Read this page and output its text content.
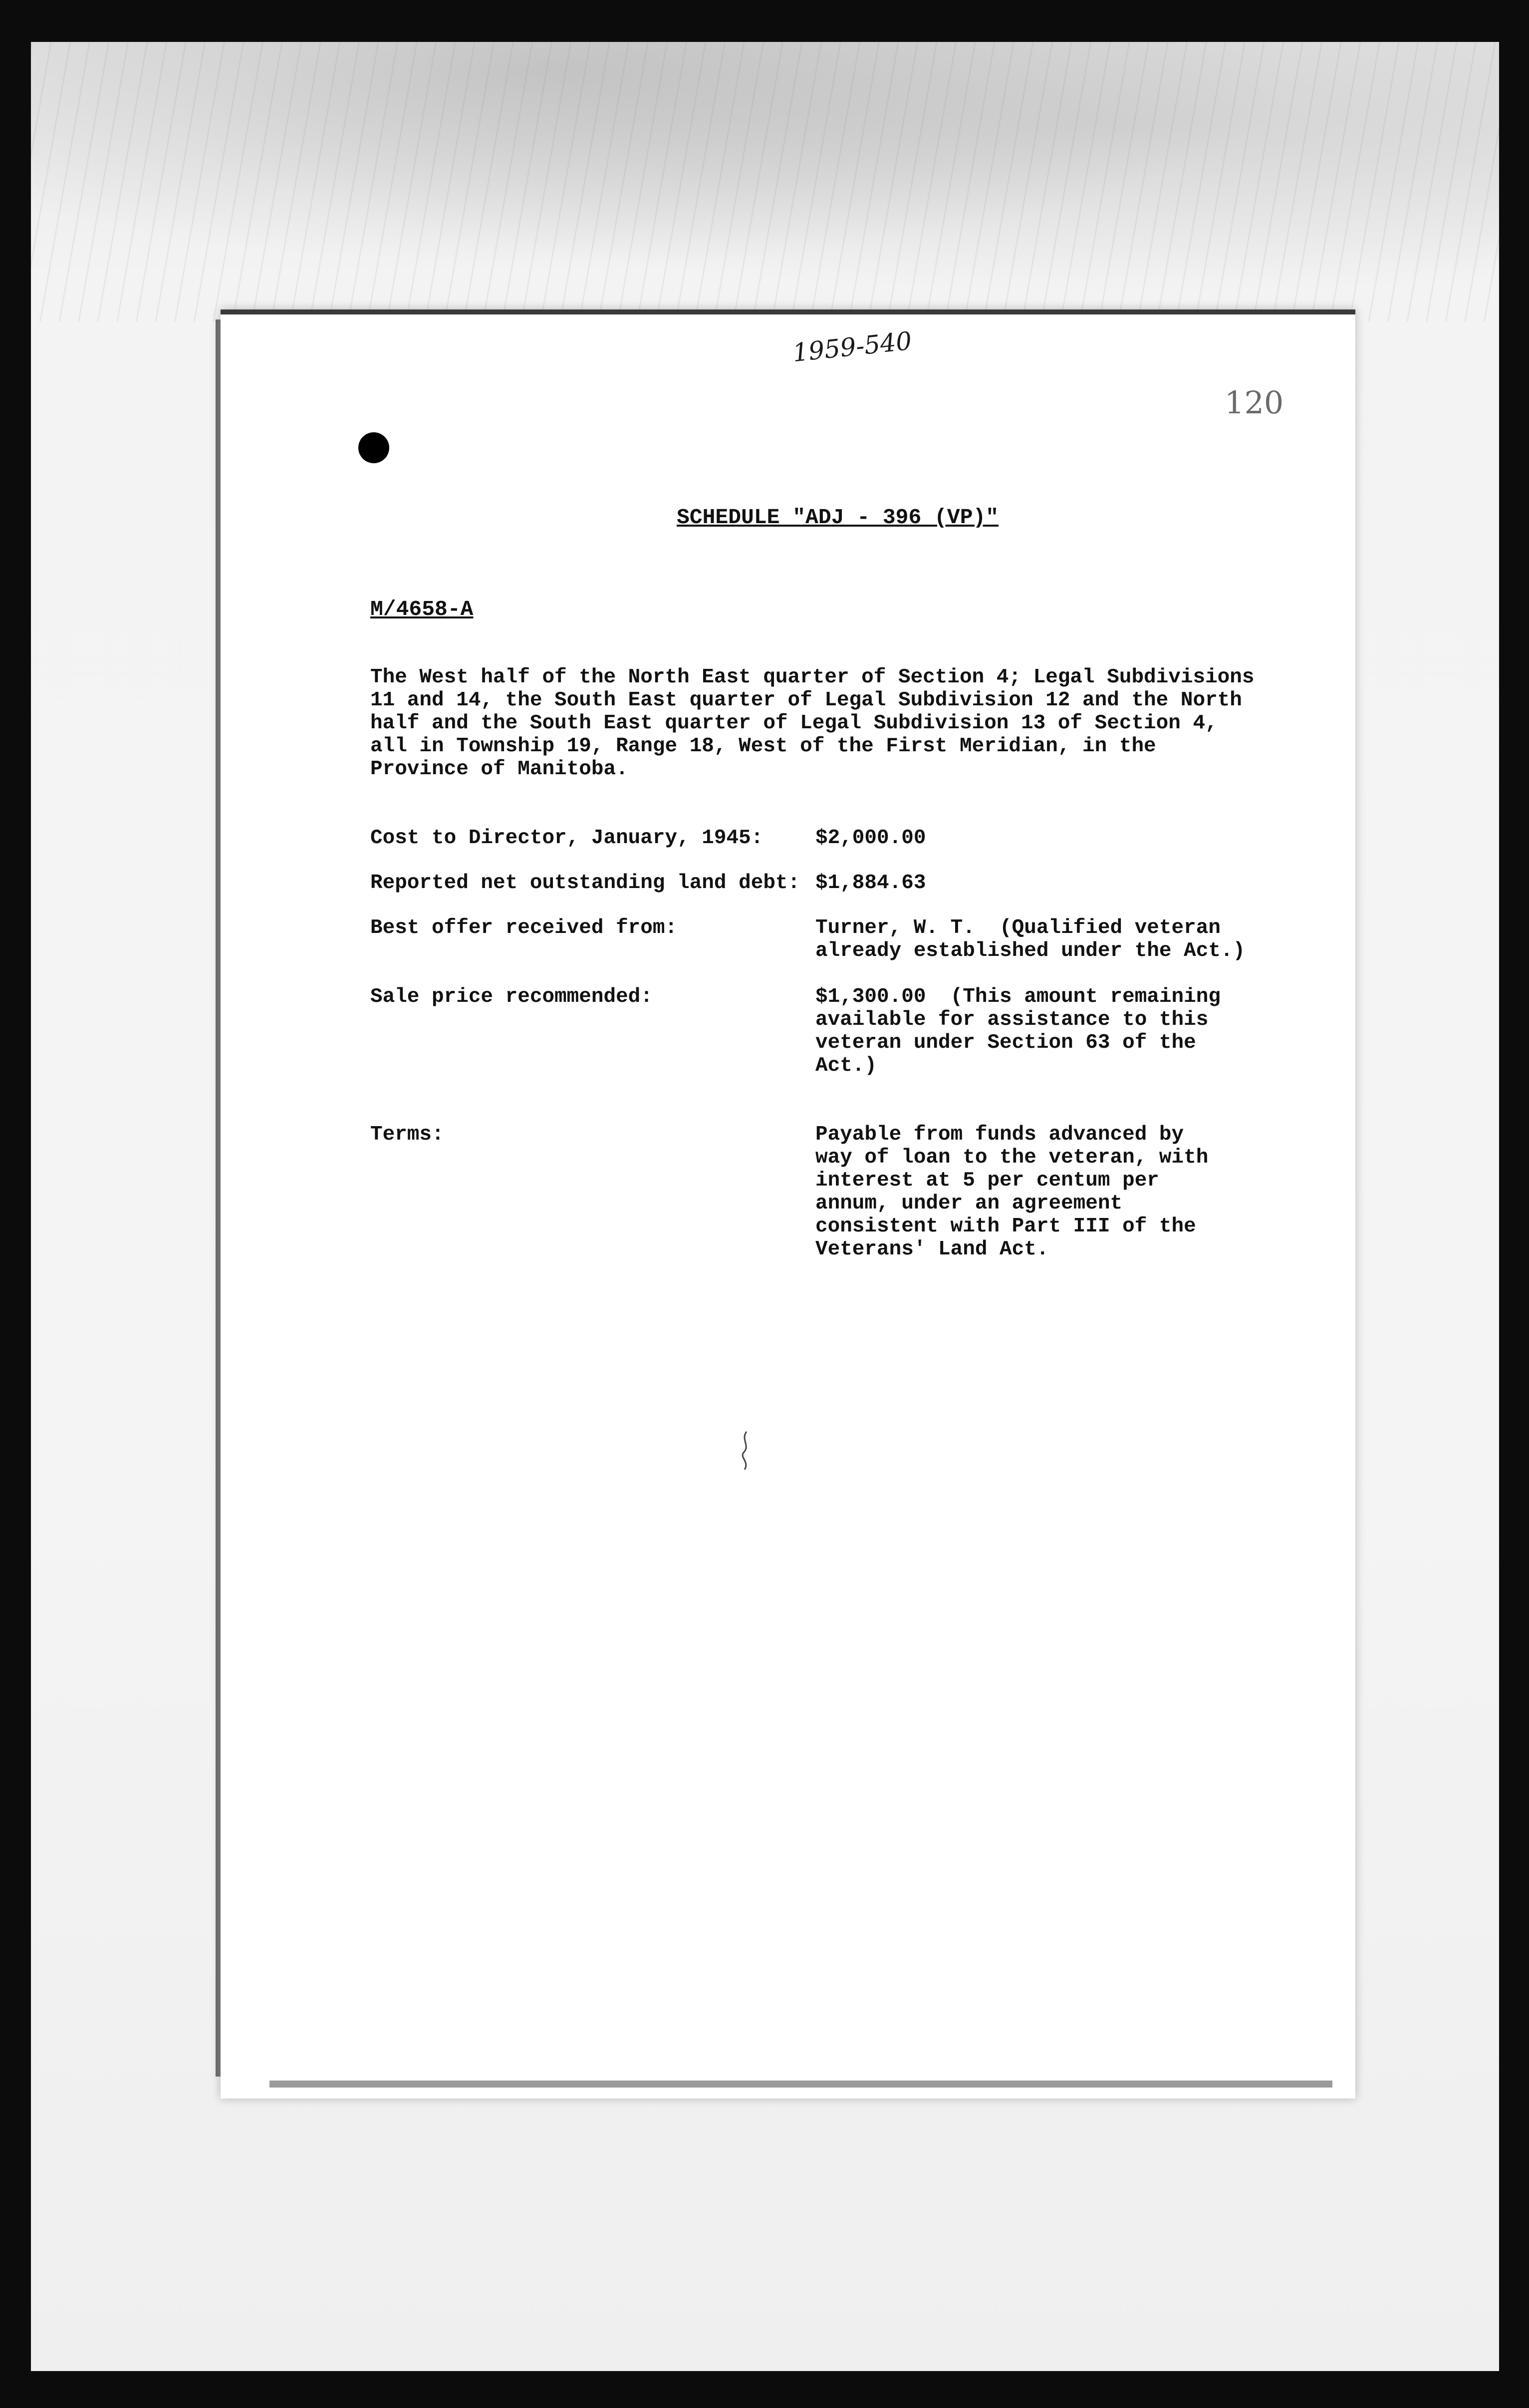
1959-540
120
SCHEDULE "ADJ - 396 (VP)"
M/4658-A
The West half of the North East quarter of Section 4; Legal Subdivisions
11 and 14, the South East quarter of Legal Subdivision 12 and the North
half and the South East quarter of Legal Subdivision 13 of Section 4,
all in Township 19, Range 18, West of the First Meridian, in the
Province of Manitoba.
Cost to Director, January, 1945:	$2,000.00
Reported net outstanding land debt: $1,884.63
Best offer received from:	Turner, W. T.  (Qualified veteran
already established under the Act.)
Sale price recommended:	$1,300.00  (This amount remaining
available for assistance to this
veteran under Section 63 of the
Act.)
Terms:	Payable from funds advanced by
way of loan to the veteran, with
interest at 5 per centum per
annum, under an agreement
consistent with Part III of the
Veterans' Land Act.
